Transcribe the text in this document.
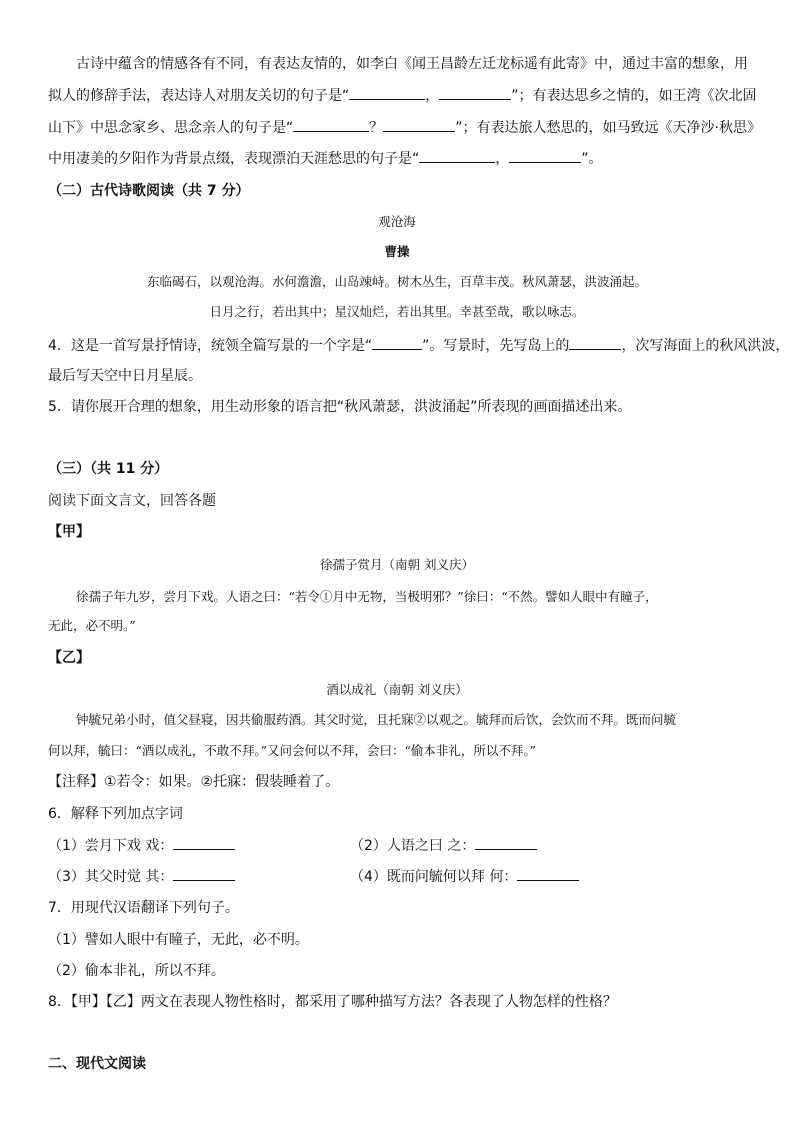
古诗中蕴含的情感各有不同，有表达友情的，如李白《闻王昌龄左迁龙标遥有此寄》中，通过丰富的想象，用

拟人的修辞手法，表达诗人对朋友关切的句子是“	，	”；有表达思乡之情的，如王湾《次北固

山下》中思念家乡、思念亲人的句子是“	？	”；有表达旅人愁思的，如马致远《天净沙·秋思》

中用凄美的夕阳作为背景点缀，表现漂泊天涯愁思的句子是“	，	”。

（二）古代诗歌阅读（共 7 分）

观沧海

曹操

东临碣石，以观沧海。水何澹澹，山岛竦峙。树木丛生，百草丰茂。秋风萧瑟，洪波涌起。

日月之行，若出其中；星汉灿烂，若出其里。幸甚至哉，歌以咏志。

4．这是一首写景抒情诗，统领全篇写景的一个字是“	”。写景时，先写岛上的	，次写海面上的秋风洪波，

最后写天空中日月星辰。

5．请你展开合理的想象，用生动形象的语言把“秋风萧瑟，洪波涌起”所表现的画面描述出来。

（三）（共 11 分）

阅读下面文言文，回答各题

【甲】

徐孺子赏月（南朝 刘义庆）

徐孺子年九岁，尝月下戏。人语之曰：“若令①月中无物，当极明邪？”徐曰：“不然。譬如人眼中有瞳子，

无此，必不明。”

【乙】

酒以成礼（南朝 刘义庆）

钟毓兄弟小时，值父昼寝，因共偷服药酒。其父时觉，且托寐②以观之。毓拜而后饮，会饮而不拜。既而问毓

何以拜，毓曰：“酒以成礼，不敢不拜。”又问会何以不拜，会曰：“偷本非礼，所以不拜。”

【注释】①若令：如果。②托寐：假装睡着了。

6．解释下列加点字词

（1）尝月下戏 戏：	（2）人语之曰 之：

（3）其父时觉 其：	（4）既而问毓何以拜 何：

7．用现代汉语翻译下列句子。

（1）譬如人眼中有瞳子，无此，必不明。

（2）偷本非礼，所以不拜。

8．【甲】【乙】两文在表现人物性格时，都采用了哪种描写方法？各表现了人物怎样的性格？

二、现代文阅读
